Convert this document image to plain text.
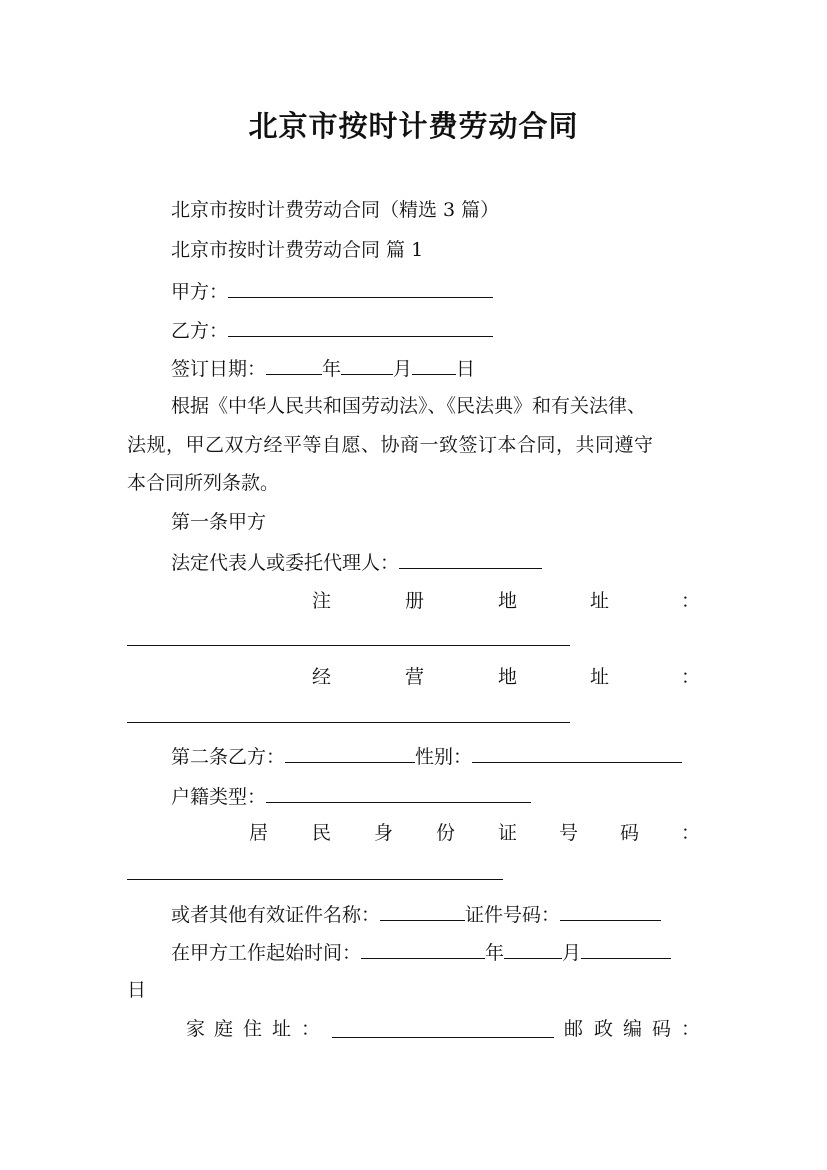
北京市按时计费劳动合同
北京市按时计费劳动合同（精选 3 篇）
北京市按时计费劳动合同 篇 1
甲方：
乙方：
签订日期：	年	月 日
根据《中华人民共和国劳动法》、《民法典》和有关法律、
法规，甲乙双方经平等自愿、协商一致签订本合同，共同遵守
本合同所列条款。
第一条甲方
法定代表人或委托代理人：
注	册	地	址	：
经	营	地	址	：
第二条乙方：	性别：
户籍类型：
居 民 身 份 证 号 码 ：
或者其他有效证件名称：	证件号码：
在甲方工作起始时间：	年	月
日
家 庭 住 址 ：	邮 政 编 码 ：
